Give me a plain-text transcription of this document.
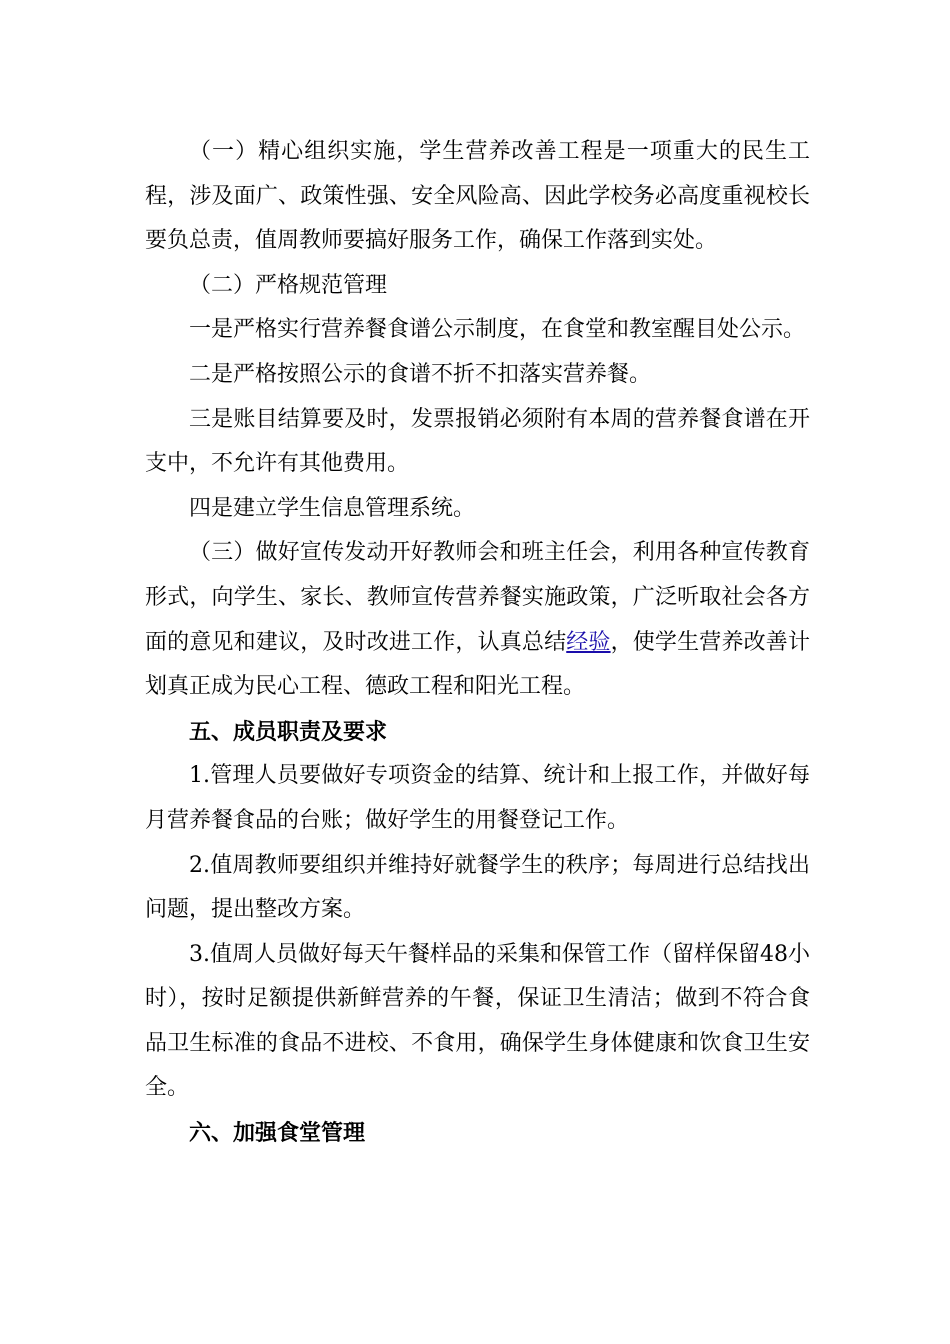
（一）精心组织实施，学生营养改善工程是一项重大的民生工程，涉及面广、政策性强、安全风险高、因此学校务必高度重视校长要负总责，值周教师要搞好服务工作，确保工作落到实处。

（二）严格规范管理

一是严格实行营养餐食谱公示制度，在食堂和教室醒目处公示。

二是严格按照公示的食谱不折不扣落实营养餐。

三是账目结算要及时，发票报销必须附有本周的营养餐食谱在开支中，不允许有其他费用。

四是建立学生信息管理系统。

（三）做好宣传发动开好教师会和班主任会，利用各种宣传教育形式，向学生、家长、教师宣传营养餐实施政策，广泛听取社会各方面的意见和建议，及时改进工作，认真总结经验，使学生营养改善计划真正成为民心工程、德政工程和阳光工程。

五、成员职责及要求

1.管理人员要做好专项资金的结算、统计和上报工作，并做好每月营养餐食品的台账；做好学生的用餐登记工作。

2.值周教师要组织并维持好就餐学生的秩序；每周进行总结找出问题，提出整改方案。

3.值周人员做好每天午餐样品的采集和保管工作（留样保留48小时），按时足额提供新鲜营养的午餐，保证卫生清洁；做到不符合食品卫生标准的食品不进校、不食用，确保学生身体健康和饮食卫生安全。

六、加强食堂管理
